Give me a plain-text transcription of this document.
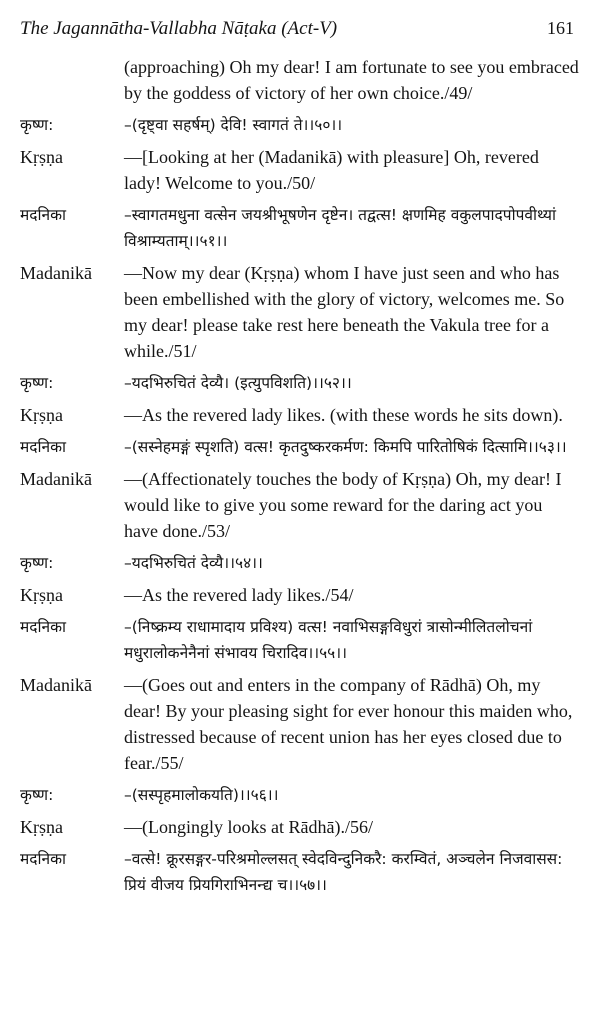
The Jagannātha-Vallabha Nāṭaka (Act-V)	161
(approaching) Oh my dear! I am fortunate to see you embraced by the goddess of victory of her own choice./49/
कृष्ण:	–(दृष्ट्वा सहर्षम्) देवि! स्वागतं ते।।५०।।
Kṛṣṇa	—[Looking at her (Madanikā) with pleasure] Oh, revered lady! Welcome to you./50/
मदनिका	–स्वागतमधुना वत्सेन जयश्रीभूषणेन दृष्टेन। तद्वत्स! क्षणमिह वकुलपादपोपवीथ्यां विश्राम्यताम्।।५१।।
Madanikā	—Now my dear (Kṛṣṇa) whom I have just seen and who has been embellished with the glory of victory, welcomes me. So my dear! please take rest here beneath the Vakula tree for a while./51/
कृष्ण:	–यदभिरुचितं देव्यै। (इत्युपविशति)।।५२।।
Kṛṣṇa	—As the revered lady likes. (with these words he sits down).
मदनिका	–(सस्नेहमङ्गं स्पृशति) वत्स! कृतदुष्करकर्मण: किमपि पारितोषिकं दित्सामि।।५३।।
Madanikā	—(Affectionately touches the body of Kṛṣṇa) Oh, my dear! I would like to give you some reward for the daring act you have done./53/
कृष्ण:	–यदभिरुचितं देव्यै।।५४।।
Kṛṣṇa	—As the revered lady likes./54/
मदनिका	–(निष्क्रम्य राधामादाय प्रविश्य) वत्स! नवाभिसङ्गविधुरां त्रासोन्मीलितलोचनां मधुरालोकनेनैनां संभावय चिरादिव।।५५।।
Madanikā	—(Goes out and enters in the company of Rādhā) Oh, my dear! By your pleasing sight for ever honour this maiden who, distressed because of recent union has her eyes closed due to fear./55/
कृष्ण:	–(सस्पृहमालोकयति)।।५६।।
Kṛṣṇa	—(Longingly looks at Rādhā)./56/
मदनिका	–वत्से! क्रूरसङ्गर-परिश्रमोल्लसत् स्वेदविन्दुनिकरै: करम्वितं, अञ्चलेन निजवासस: प्रियं वीजय प्रियगिराभिनन्द्य च।।५७।।
